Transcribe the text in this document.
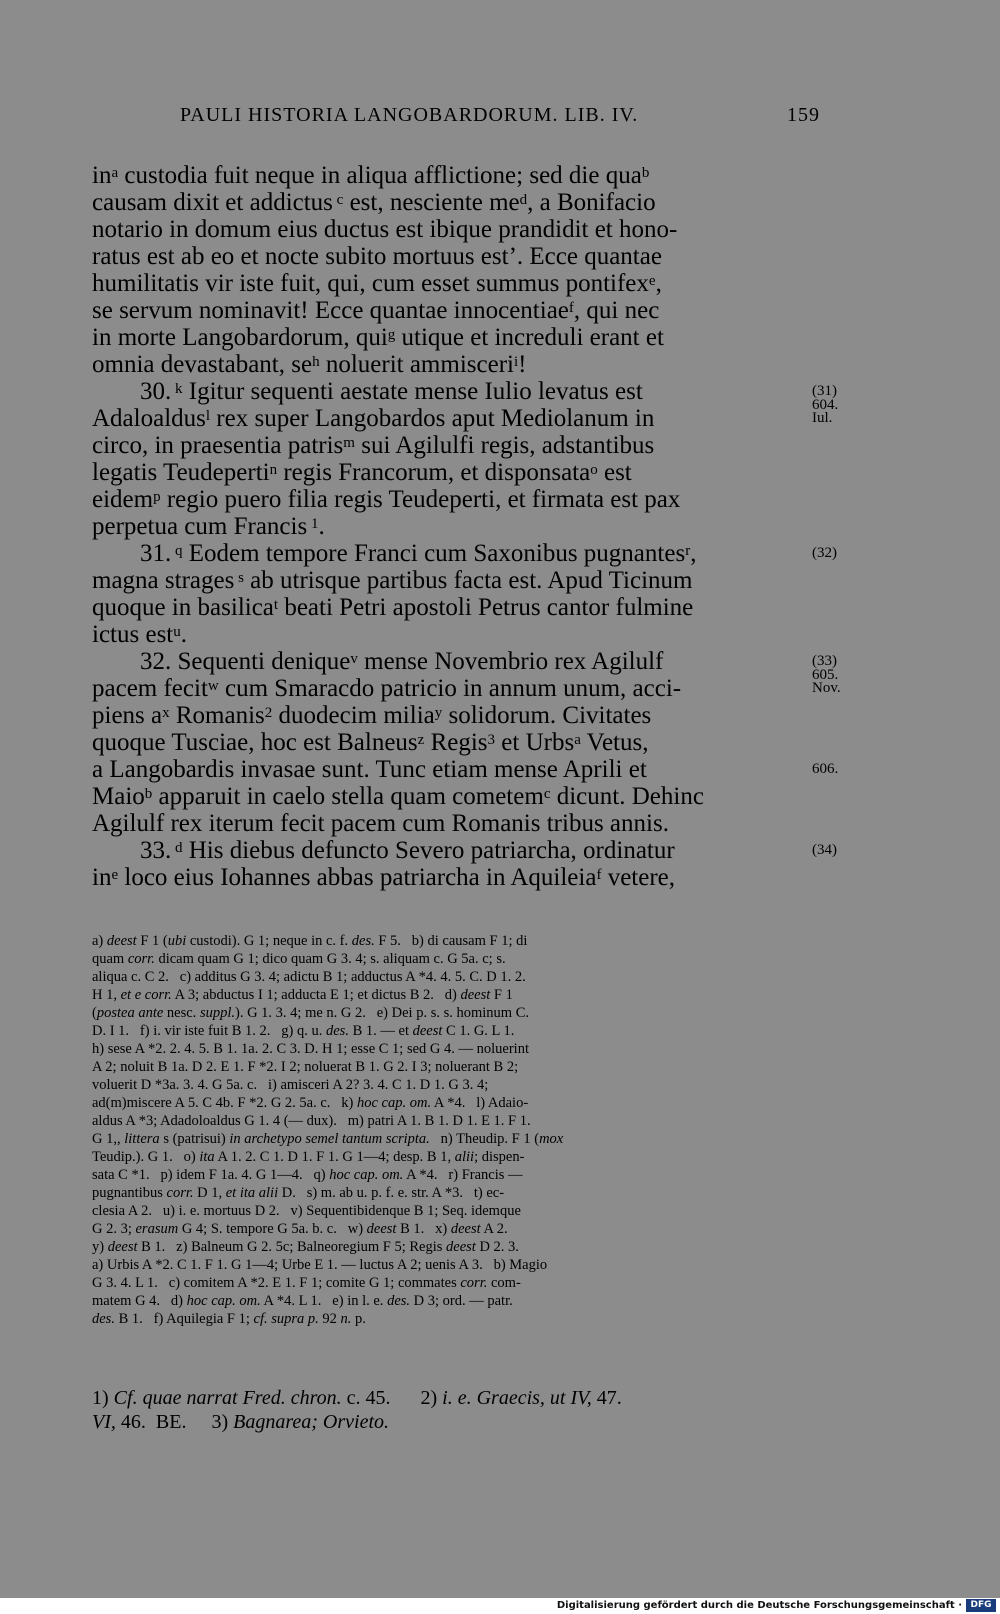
PAULI HISTORIA LANGOBARDORUM. LIB. IV.	159
$in^a$ custodia fuit neque in aliqua afflictione; sed die qua$^b$
causam dixit et addictus $^c$ est, nesciente $me^d$, a Bonifacio
notario in domum eius ductus est ibique prandidit et hono-
ratus est ab eo et nocte subito mortuus est’. Ecce quantae
humilitatis vir iste fuit, qui, cum esset summus pontifex$^e$,
se servum nominavit! Ecce quantae innocentiae$^f$, qui nec
in morte Langobardorum, qui$^g$ utique et increduli erant et
omnia devastabant, $se^h$ noluerit ammisceri$^i$!
30. $^k$ Igitur sequenti aestate mense Iulio levatus est
Adaloaldus$^l$ rex super Langobardos aput Mediolanum in
circo, in praesentia patris$^m$ sui Agilulfi regis, adstantibus
legatis Teudeperti$^n$ regis Francorum, et disponsata$^o$ est
eidem$^p$ regio puero filia regis Teudeperti, et firmata est pax
perpetua cum Francis $^1$.
31. $^q$ Eodem tempore Franci cum Saxonibus pugnantes$^r$,
magna strages $^s$ ab utrisque partibus facta est. Apud Ticinum
quoque in basilica$^t$ beati Petri apostoli Petrus cantor fulmine
ictus est$^u$.
32. Sequenti denique$^v$ mense Novembrio rex Agilulf
pacem fecit$^w$ cum Smaracdo patricio in annum unum, acci-
piens $a^x$ Romanis$^2$ duodecim milia$^y$ solidorum. Civitates
quoque Tusciae, hoc est Balneus$^z$ Regis$^3$ et Urbs$^a$ Vetus,
a Langobardis invasae sunt. Tunc etiam mense Aprili et
Maio$^b$ apparuit in caelo stella quam cometem$^c$ dicunt. Dehinc
Agilulf rex iterum fecit pacem cum Romanis tribus annis.
33. $^d$ His diebus defuncto Severo patriarcha, ordinatur
$in^e$ loco eius Iohannes abbas patriarcha in Aquileia$^f$ vetere,
(31)
604.
Iul.
(32)
(33)
605.
Nov.
606.
(34)
a) deest F 1 (ubi custodi). G 1; neque in c. f. des. F 5.   b) di causam F 1; di
quam corr. dicam quam G 1; dico quam G 3. 4; s. aliquam c. G 5a. c; s.
aliqua c. C 2.   c) additus G 3. 4; adictu B 1; adductus A *4. 4. 5. C. D 1. 2.
H 1, et e corr. A 3; abductus I 1; adducta E 1; et dictus B 2.   d) deest F 1
(postea ante nesc. suppl.). G 1. 3. 4; me n. G 2.   e) Dei p. s. s. hominum C.
D. I 1.   f) i. vir iste fuit B 1. 2.   g) q. u. des. B 1. — et deest C 1. G. L 1.
h) sese A *2. 2. 4. 5. B 1. 1a. 2. C 3. D. H 1; esse C 1; sed G 4. — noluerint
A 2; noluit B 1a. D 2. E 1. F *2. I 2; noluerat B 1. G 2. I 3; noluerant B 2;
voluerit D *3a. 3. 4. G 5a. c.   i) amisceri A 2? 3. 4. C 1. D 1. G 3. 4;
ad(m)miscere A 5. C 4b. F *2. G 2. 5a. c.   k) hoc cap. om. A *4.   l) Adaio-
aldus A *3; Adadoloaldus G 1. 4 (— dux).   m) patri A 1. B 1. D 1. E 1. F 1.
G 1,, littera s (patrisui) in archetypo semel tantum scripta.   n) Theudip. F 1 (mox
Teudip.). G 1.   o) ita A 1. 2. C 1. D 1. F 1. G 1—4; desp. B 1, alii; dispen-
sata C *1.   p) idem F 1a. 4. G 1—4.   q) hoc cap. om. A *4.   r) Francis —
pugnantibus corr. D 1, et ita alii D.   s) m. ab u. p. f. e. str. A *3.   t) ec-
clesia A 2.   u) i. e. mortuus D 2.   v) Sequentibidenque B 1; Seq. idemque
G 2. 3; erasum G 4; S. tempore G 5a. b. c.   w) deest B 1.   x) deest A 2.
y) deest B 1.   z) Balneum G 2. 5c; Balneoregium F 5; Regis deest D 2. 3.
a) Urbis A *2. C 1. F 1. G 1—4; Urbe E 1. — luctus A 2; uenis A 3.   b) Magio
G 3. 4. L 1.   c) comitem A *2. E 1. F 1; comite G 1; commates corr. com-
matem G 4.   d) hoc cap. om. A *4. L 1.   e) in l. e. des. D 3; ord. — patr.
des. B 1.   f) Aquilegia F 1; cf. supra p. 92 n. p.
1) Cf. quae narrat Fred. chron. c. 45.      2) i. e. Graecis, ut IV, 47.
VI, 46.  BE.     3) Bagnarea; Orvieto.
Digitalisierung gefördert durch die Deutsche Forschungsgemeinschaft · DFG
